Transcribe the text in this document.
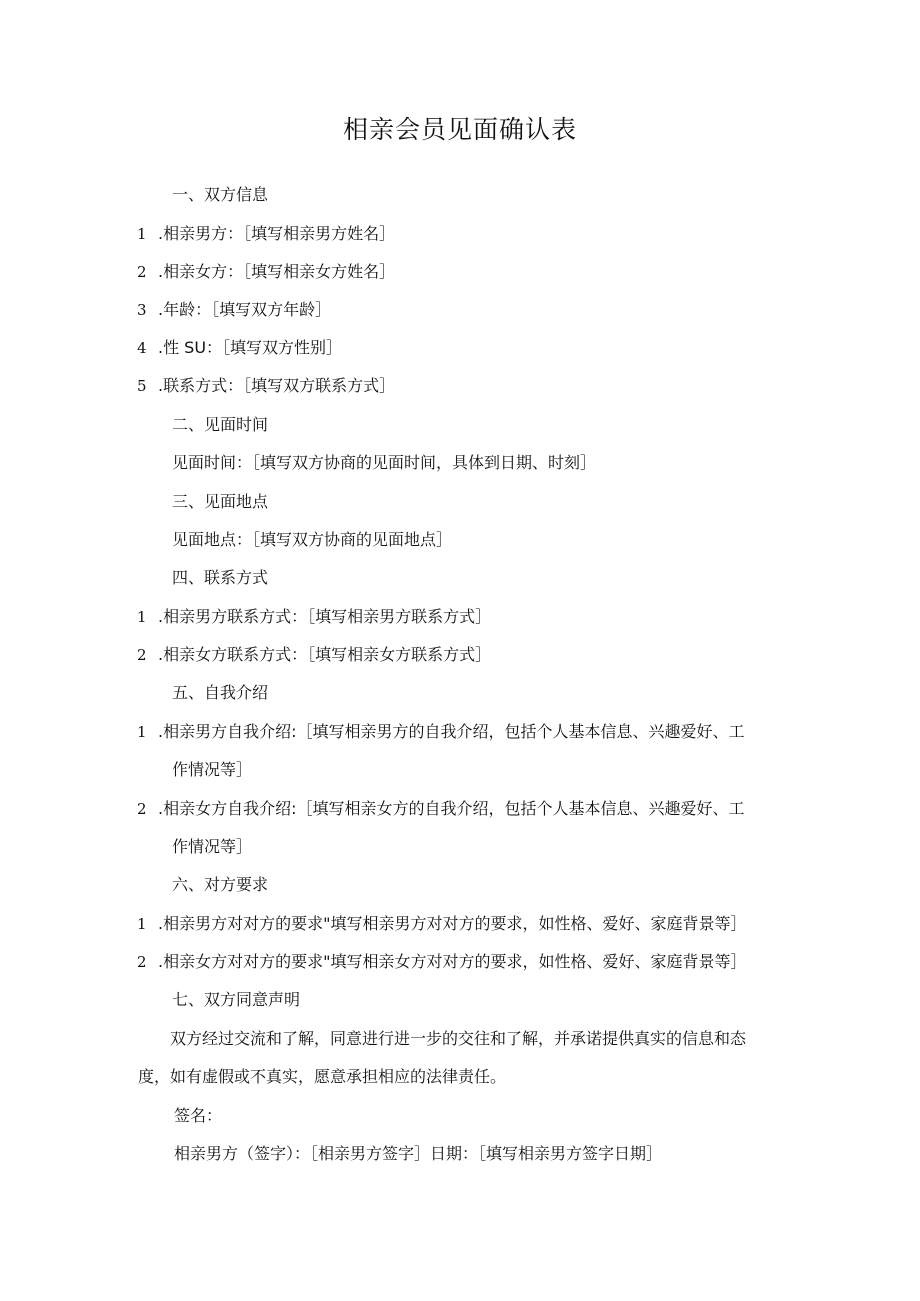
相亲会员见面确认表
一、双方信息
1 .相亲男方：［填写相亲男方姓名］
2 .相亲女方：［填写相亲女方姓名］
3 .年龄：［填写双方年龄］
4 .性 SU：［填写双方性别］
5 .联系方式：［填写双方联系方式］
二、见面时间
见面时间：［填写双方协商的见面时间，具体到日期、时刻］
三、见面地点
见面地点：［填写双方协商的见面地点］
四、联系方式
1 .相亲男方联系方式：［填写相亲男方联系方式］
2 .相亲女方联系方式：［填写相亲女方联系方式］
五、自我介绍
1 .相亲男方自我介绍:［填写相亲男方的自我介绍，包括个人基本信息、兴趣爱好、工
作情况等］
2 .相亲女方自我介绍:［填写相亲女方的自我介绍，包括个人基本信息、兴趣爱好、工
作情况等］
六、对方要求
1 .相亲男方对对方的要求"填写相亲男方对对方的要求，如性格、爱好、家庭背景等］
2 .相亲女方对对方的要求"填写相亲女方对对方的要求，如性格、爱好、家庭背景等］
七、双方同意声明
双方经过交流和了解，同意进行进一步的交往和了解，并承诺提供真实的信息和态
度，如有虚假或不真实，愿意承担相应的法律责任。
签名：
相亲男方（签字）：［相亲男方签字］日期：［填写相亲男方签字日期］
